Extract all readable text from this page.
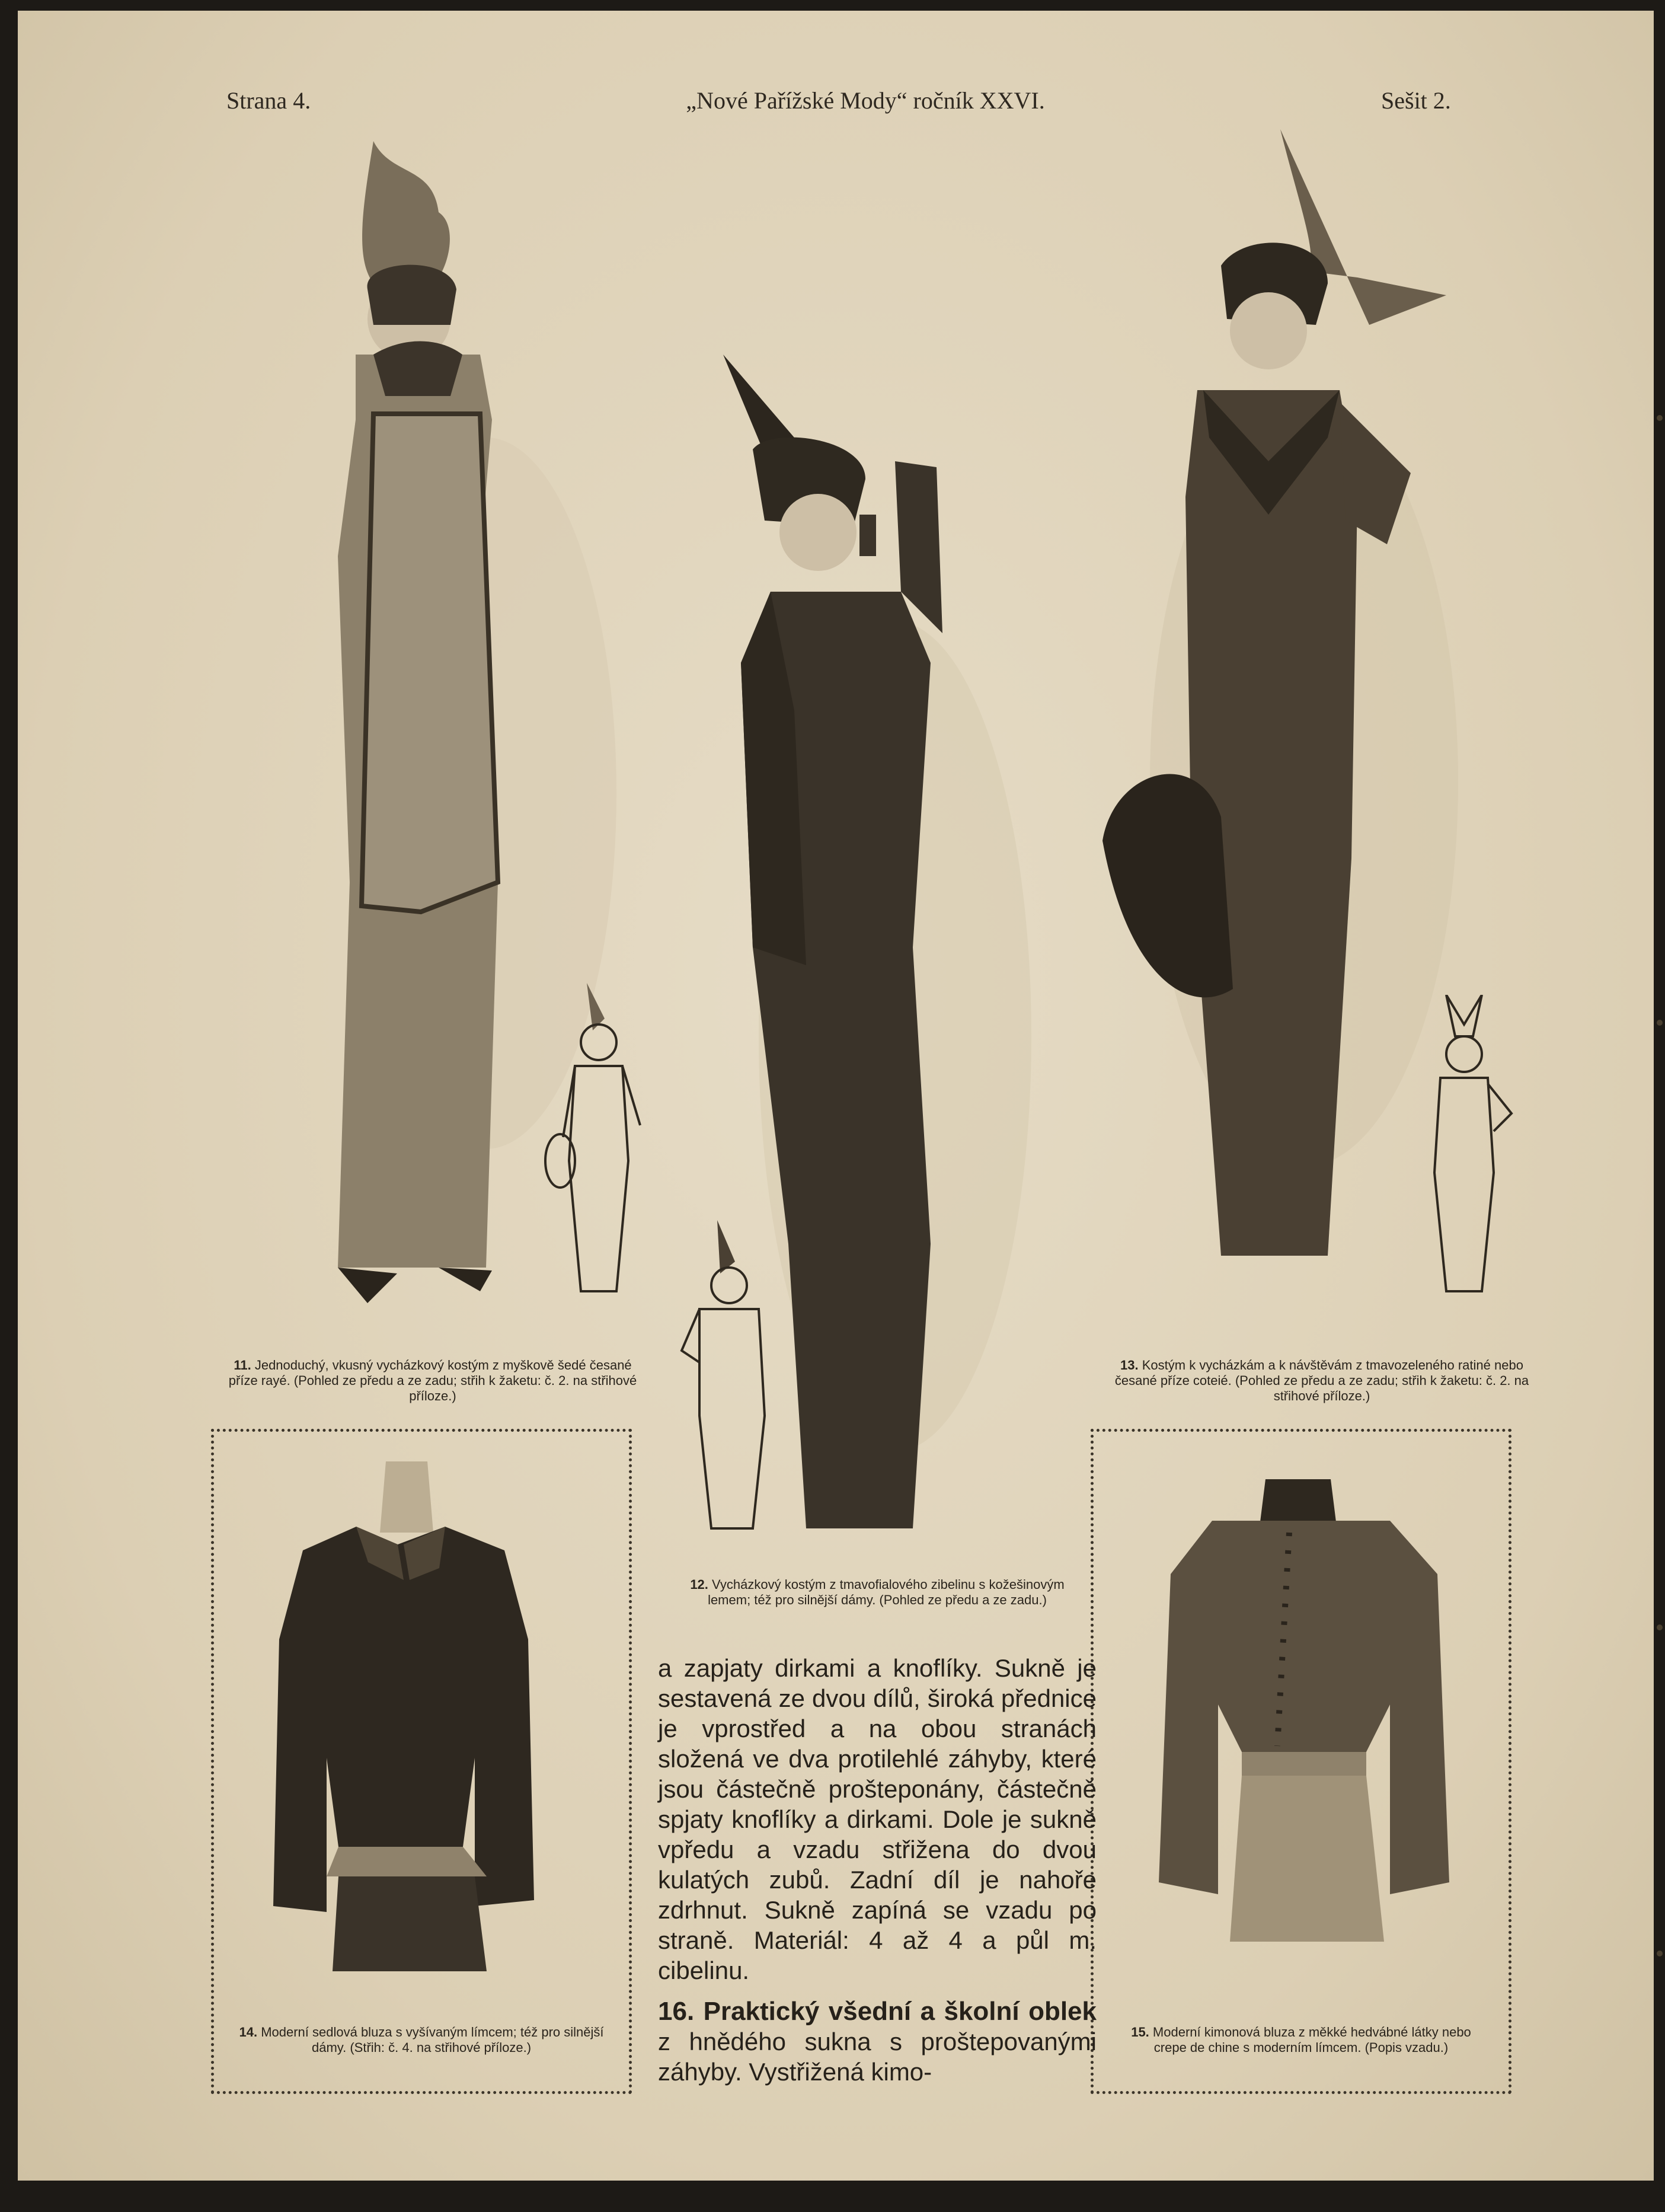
Strana 4.	„Nové Pařížské Mody“ ročník XXVI.	Sešit 2.
11. Jednoduchý, vkusný vycházkový kostým z myškově šedé česané příze rayé. (Pohled ze předu a ze zadu; střih k žaketu: č. 2. na střihové příloze.)
12. Vycházkový kostým z tmavofialového zibelinu s kožešinovým lemem; též pro silnější dámy. (Pohled ze předu a ze zadu.)
13. Kostým k vycházkám a k návštěvám z tmavozeleného ratiné nebo česané příze coteié. (Pohled ze předu a ze zadu; střih k žaketu: č. 2. na střihové příloze.)
14. Moderní sedlová bluza s vyšívaným límcem; též pro silnější dámy. (Střih: č. 4. na střihové příloze.)
15. Moderní kimonová bluza z měkké hedvábné látky nebo crepe de chine s moderním límcem. (Popis vzadu.)

a zapjaty dirkami a knoflíky. Sukně je sestavená ze dvou dílů, široká přednice je vprostřed a na obou stranách složená ve dva protilehlé záhyby, které jsou částečně prošteponány, částečně spjaty knoflíky a dirkami. Dole je sukně vpředu a vzadu střižena do dvou kulatých zubů. Zadní díl je nahoře zdrhnut. Sukně zapíná se vzadu po straně. Materiál: 4 až 4 a půl m. cibelinu.

16. Praktický všední a školní oblek z hnědého sukna s proštepovanými záhyby. Vystřižená kimo-
